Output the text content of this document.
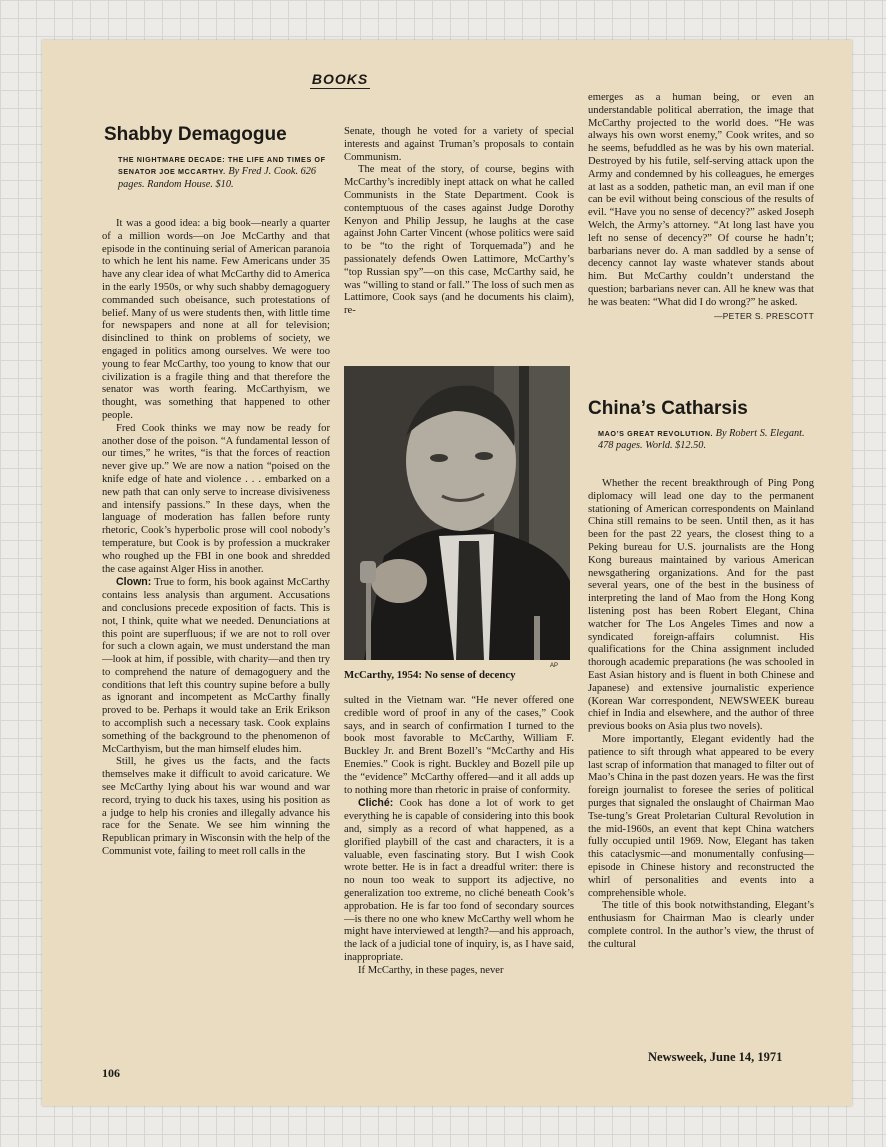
BOOKS
Shabby Demagogue
THE NIGHTMARE DECADE: THE LIFE AND TIMES OF SENATOR JOE MCCARTHY. By Fred J. Cook. 626 pages. Random House. $10.

It was a good idea: a big book—nearly a quarter of a million words—on Joe McCarthy and that episode in the continuing serial of American paranoia to which he lent his name. Few Americans under 35 have any clear idea of what McCarthy did to America in the early 1950s, or why such shabby demagoguery commanded such obeisance, such protestations of belief. Many of us were students then, with little time for newspapers and none at all for television; disinclined to think on problems of society, we engaged in politics among ourselves. We were too young to fear McCarthy, too young to know that our civilization is a fragile thing and that therefore the senator was worth fearing. McCarthyism, we thought, was something that happened to other people.

Fred Cook thinks we may now be ready for another dose of the poison. “A fundamental lesson of our times,” he writes, “is that the forces of reaction never give up.” We are now a nation “poised on the knife edge of hate and violence . . . embarked on a new path that can only serve to increase divisiveness and intensify passions.” In these days, when the language of moderation has fallen before runty rhetoric, Cook’s hyperbolic prose will cool nobody’s temperature, but Cook is by profession a muckraker who roughed up the FBI in one book and shredded the case against Alger Hiss in another.

Clown: True to form, his book against McCarthy contains less analysis than argument. Accusations and conclusions precede exposition of facts. This is not, I think, quite what we needed. Denunciations at this point are superfluous; if we are not to roll over for such a clown again, we must understand the man—look at him, if possible, with charity—and then try to comprehend the nature of demagoguery and the conditions that left this country supine before a bully as ignorant and incompetent as McCarthy finally proved to be. Perhaps it would take an Erik Erikson to accomplish such a necessary task. Cook explains something of the background to the phenomenon of McCarthyism, but the man himself eludes him.

Still, he gives us the facts, and the facts themselves make it difficult to avoid caricature. We see McCarthy lying about his war wound and war record, trying to duck his taxes, using his position as a judge to help his cronies and illegally advance his race for the Senate. We see him winning the Republican primary in Wisconsin with the help of the Communist vote, failing to meet roll calls in the

Senate, though he voted for a variety of special interests and against Truman’s proposals to contain Communism.

The meat of the story, of course, begins with McCarthy’s incredibly inept attack on what he called Communists in the State Department. Cook is contemptuous of the cases against Judge Dorothy Kenyon and Philip Jessup, he laughs at the case against John Carter Vincent (whose politics were said to be “to the right of Torquemada”) and he passionately defends Owen Lattimore, McCarthy’s “top Russian spy”—on this case, McCarthy said, he was “willing to stand or fall.” The loss of such men as Lattimore, Cook says (and he documents his claim), re-

AP
McCarthy, 1954: No sense of decency

sulted in the Vietnam war. “He never offered one credible word of proof in any of the cases,” Cook says, and in search of confirmation I turned to the book most favorable to McCarthy, William F. Buckley Jr. and Brent Bozell’s “McCarthy and His Enemies.” Cook is right. Buckley and Bozell pile up the “evidence” McCarthy offered—and it all adds up to nothing more than rhetoric in praise of conformity.

Cliché: Cook has done a lot of work to get everything he is capable of considering into this book and, simply as a record of what happened, as a glorified playbill of the cast and characters, it is a valuable, even fascinating story. But I wish Cook wrote better. He is in fact a dreadful writer: there is no noun too weak to support its adjective, no generalization too extreme, no cliché beneath Cook’s approbation. He is far too fond of secondary sources—is there no one who knew McCarthy well whom he might have interviewed at length?—and his approach, the lack of a judicial tone of inquiry, is, as I have said, inappropriate.

If McCarthy, in these pages, never

emerges as a human being, or even an understandable political aberration, the image that McCarthy projected to the world does. “He was always his own worst enemy,” Cook writes, and so he seems, befuddled as he was by his own material. Destroyed by his futile, self-serving attack upon the Army and condemned by his colleagues, he emerges at last as a sodden, pathetic man, an evil man if one can be evil without being conscious of the results of evil. “Have you no sense of decency?” asked Joseph Welch, the Army’s attorney. “At long last have you left no sense of decency?” Of course he hadn’t; barbarians never do. A man saddled by a sense of decency cannot lay waste whatever stands about him. But McCarthy couldn’t understand the question; barbarians never can. All he knew was that he was beaten: “What did I do wrong?” he asked.

—PETER S. PRESCOTT
China’s Catharsis
MAO’S GREAT REVOLUTION. By Robert S. Elegant. 478 pages. World. $12.50.

Whether the recent breakthrough of Ping Pong diplomacy will lead one day to the permanent stationing of American correspondents on Mainland China still remains to be seen. Until then, as it has been for the past 22 years, the closest thing to a Peking bureau for U.S. journalists are the Hong Kong bureaus maintained by various American newsgathering organizations. And for the past several years, one of the best in the business of interpreting the land of Mao from the Hong Kong listening post has been Robert Elegant, China watcher for The Los Angeles Times and now a syndicated foreign-affairs columnist. His qualifications for the China assignment included thorough academic preparations (he was schooled in East Asian history and is fluent in both Chinese and Japanese) and extensive journalistic experience (Korean War correspondent, NEWSWEEK bureau chief in India and elsewhere, and the author of three previous books on Asia plus two novels).

More importantly, Elegant evidently had the patience to sift through what appeared to be every last scrap of information that managed to filter out of Mao’s China in the past dozen years. He was the first foreign journalist to foresee the series of political purges that signaled the onslaught of Chairman Mao Tse-tung’s Great Proletarian Cultural Revolution in the mid-1960s, an event that kept China watchers fully occupied until 1969. Now, Elegant has taken this cataclysmic—and monumentally confusing—episode in Chinese history and reconstructed the whirl of personalities and events into a comprehensible whole.

The title of this book notwithstanding, Elegant’s enthusiasm for Chairman Mao is clearly under complete control. In the author’s view, the thrust of the cultural

106
Newsweek, June 14, 1971
